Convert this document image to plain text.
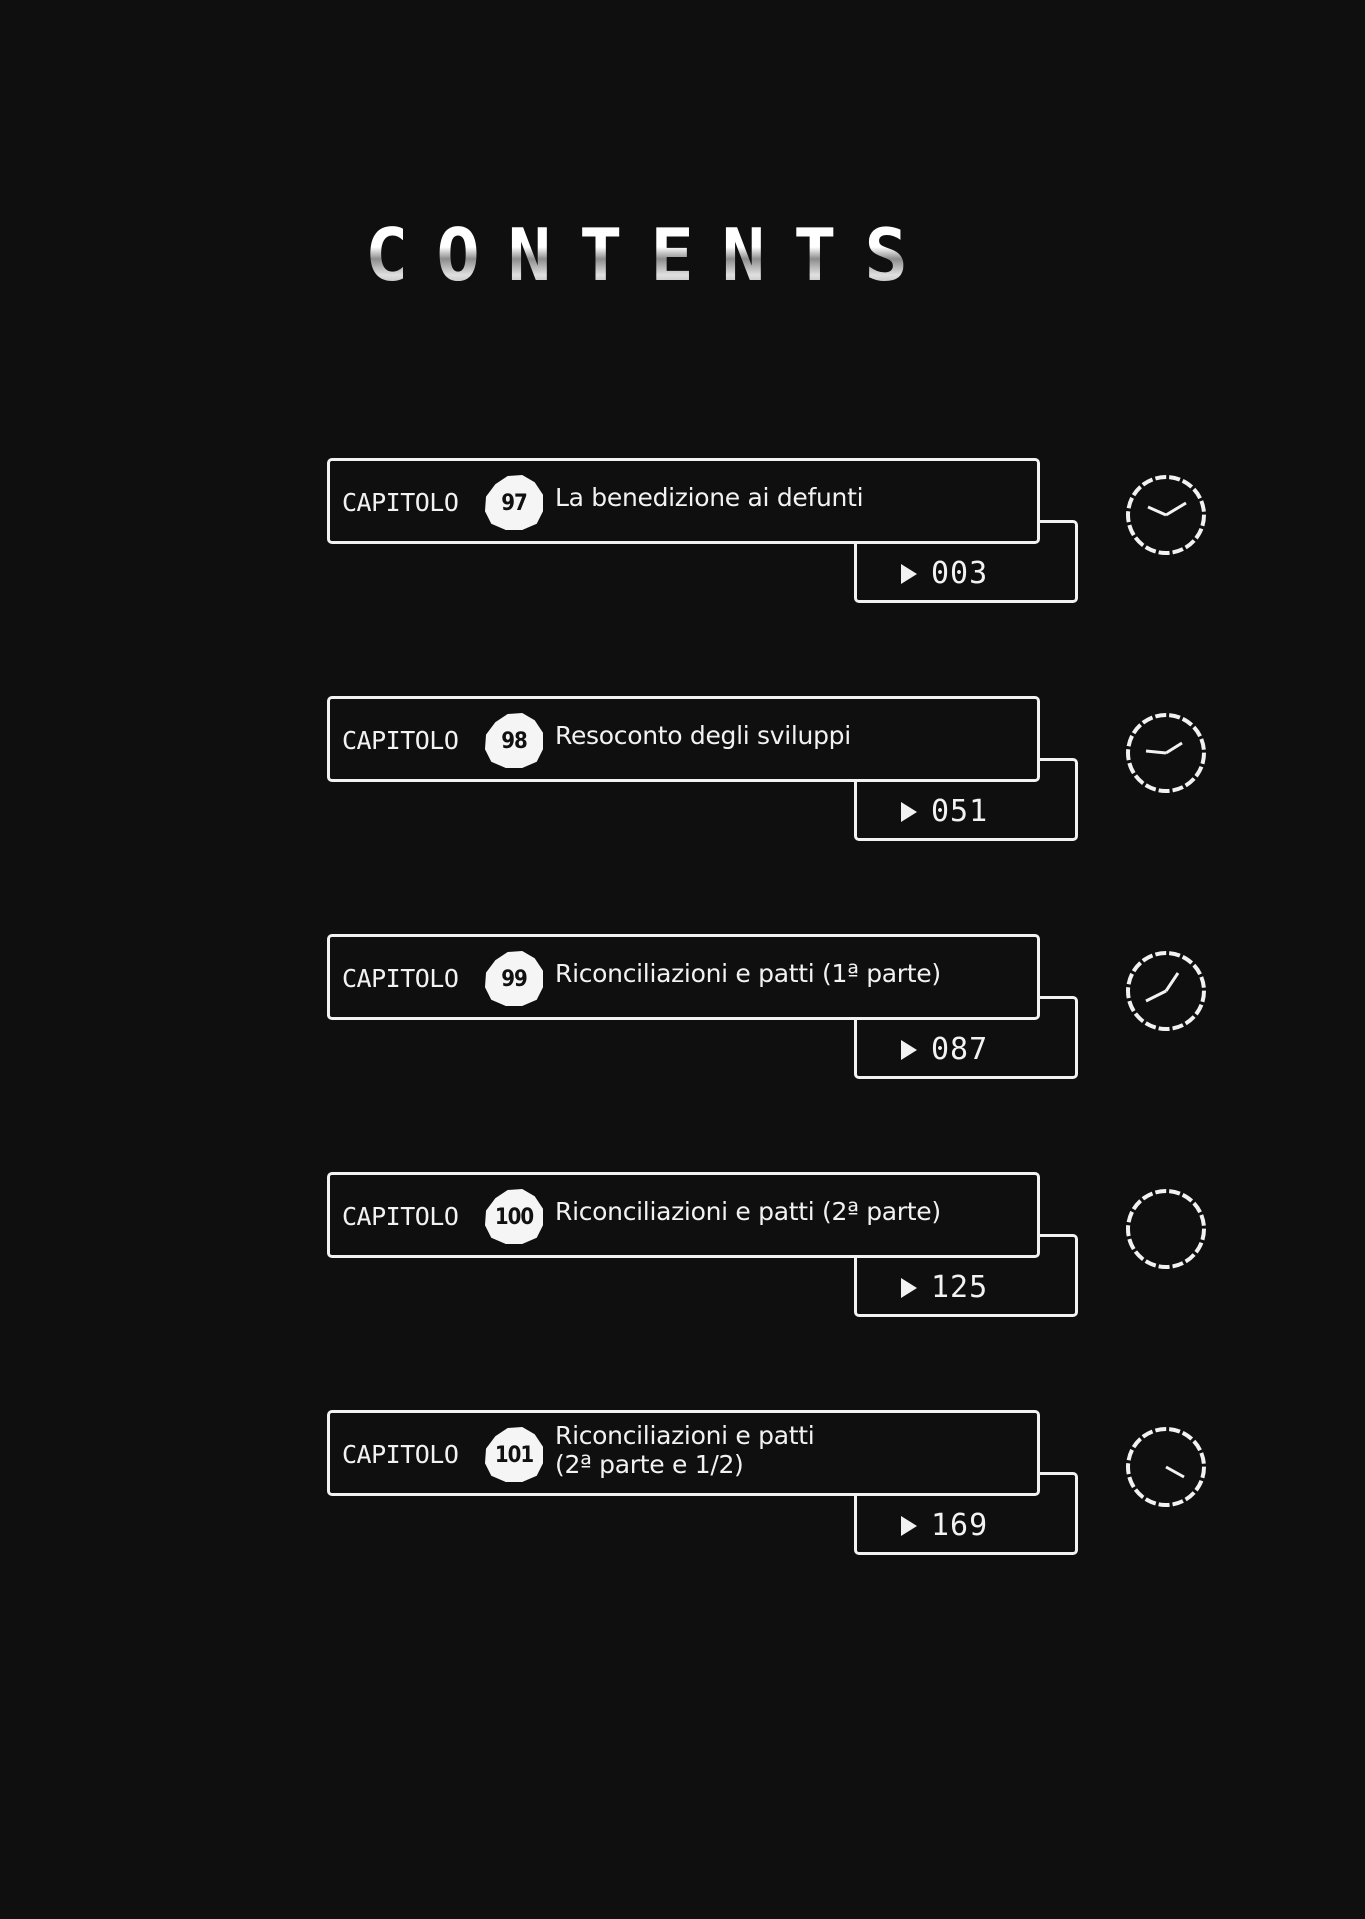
CONTENTS
CAPITOLO	97	La benedizione ai defunti
003
CAPITOLO	98	Resoconto degli sviluppi
051
CAPITOLO	99	Riconciliazioni e patti (1ª parte)
087
CAPITOLO	100 Riconciliazioni e patti (2ª parte)
125
CAPITOLO	101
Riconciliazioni e patti
(2ª parte e 1/2)
169
